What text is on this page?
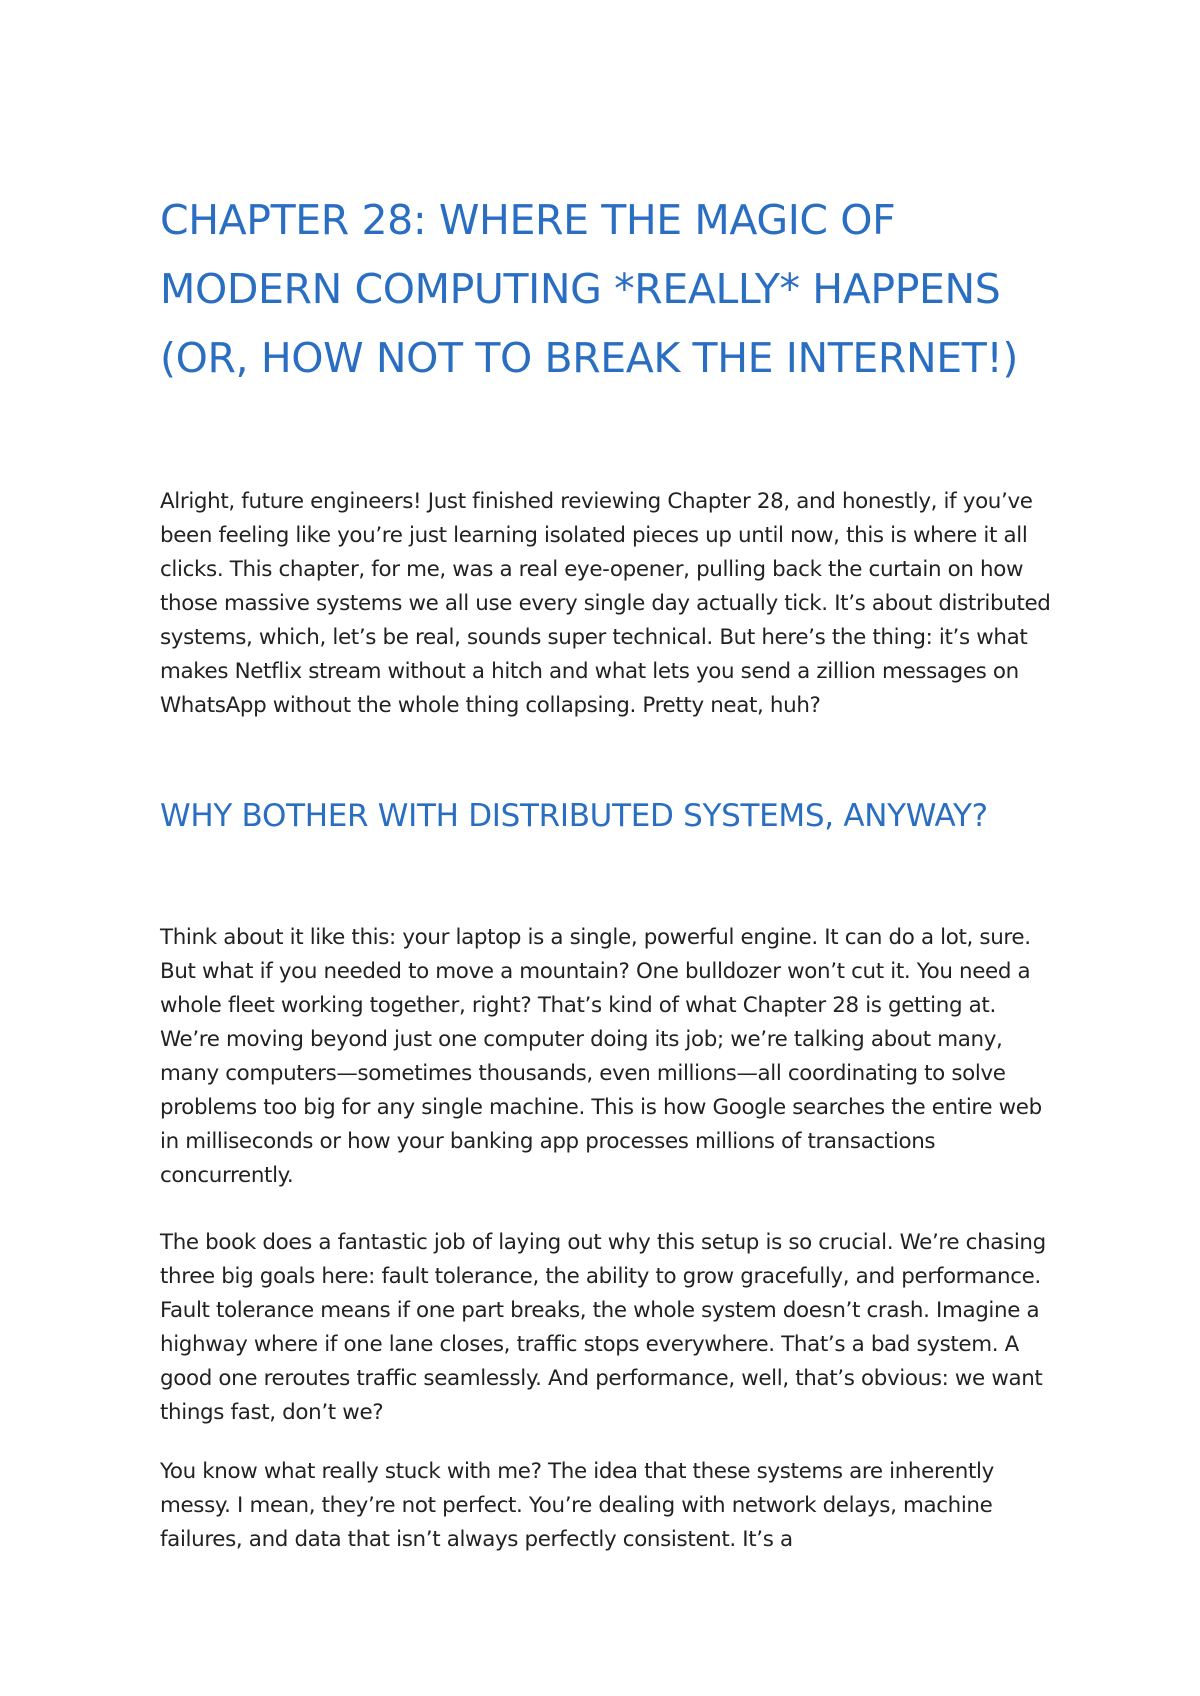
CHAPTER 28: WHERE THE MAGIC OF MODERN COMPUTING *REALLY* HAPPENS (OR, HOW NOT TO BREAK THE INTERNET!)

Alright, future engineers! Just finished reviewing Chapter 28, and honestly, if you’ve been feeling like you’re just learning isolated pieces up until now, this is where it all clicks. This chapter, for me, was a real eye-opener, pulling back the curtain on how those massive systems we all use every single day actually tick. It’s about distributed systems, which, let’s be real, sounds super technical. But here’s the thing: it’s what makes Netflix stream without a hitch and what lets you send a zillion messages on WhatsApp without the whole thing collapsing. Pretty neat, huh?

WHY BOTHER WITH DISTRIBUTED SYSTEMS, ANYWAY?

Think about it like this: your laptop is a single, powerful engine. It can do a lot, sure. But what if you needed to move a mountain? One bulldozer won’t cut it. You need a whole fleet working together, right? That’s kind of what Chapter 28 is getting at. We’re moving beyond just one computer doing its job; we’re talking about many, many computers—sometimes thousands, even millions—all coordinating to solve problems too big for any single machine. This is how Google searches the entire web in milliseconds or how your banking app processes millions of transactions concurrently.

The book does a fantastic job of laying out why this setup is so crucial. We’re chasing three big goals here: fault tolerance, the ability to grow gracefully, and performance. Fault tolerance means if one part breaks, the whole system doesn’t crash. Imagine a highway where if one lane closes, traffic stops everywhere. That’s a bad system. A good one reroutes traffic seamlessly. And performance, well, that’s obvious: we want things fast, don’t we?

You know what really stuck with me? The idea that these systems are inherently messy. I mean, they’re not perfect. You’re dealing with network delays, machine failures, and data that isn’t always perfectly consistent. It’s a
